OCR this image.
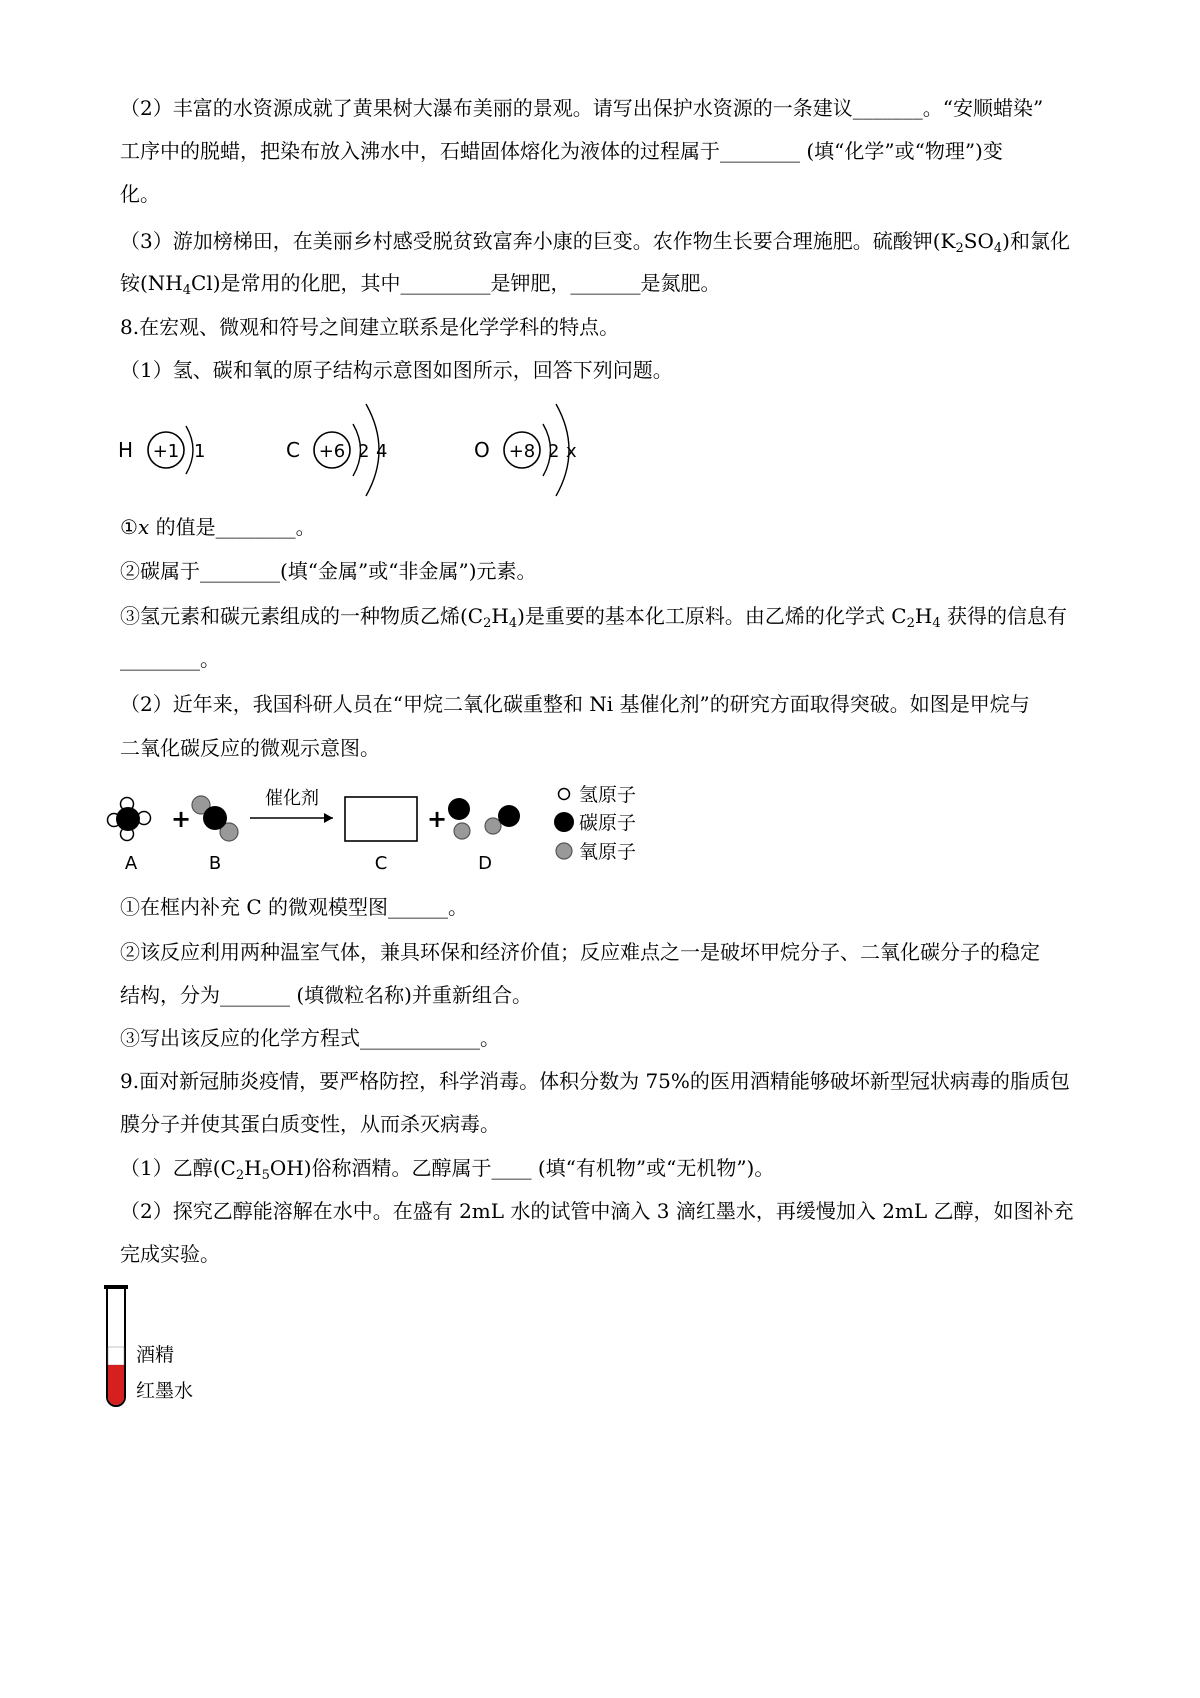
（2）丰富的水资源成就了黄果树大瀑布美丽的景观。请写出保护水资源的一条建议_______。“安顺蜡染”
工序中的脱蜡，把染布放入沸水中，石蜡固体熔化为液体的过程属于________ (填“化学”或“物理”)变
化。
（3）游加榜梯田，在美丽乡村感受脱贫致富奔小康的巨变。农作物生长要合理施肥。硫酸钾$(K_2SO_4)$和氯化
铵$(NH_4Cl)$是常用的化肥，其中_________是钾肥，_______是氮肥。
8.在宏观、微观和符号之间建立联系是化学学科的特点。
（1）氢、碳和氧的原子结构示意图如图所示，回答下列问题。
H +1 1	C +6 2 4	O +8 2 x
①x 的值是________。
②碳属于________(填“金属”或“非金属”)元素。
③氢元素和碳元素组成的一种物质乙烯$(C_2H_4)$是重要的基本化工原料。由乙烯的化学式 $C_2H_4$ 获得的信息有
________。
（2）近年来，我国科研人员在“甲烷二氧化碳重整和 Ni 基催化剂”的研究方面取得突破。如图是甲烷与
二氧化碳反应的微观示意图。
+
催化剂
+
A	B	C	D
氢原子
碳原子
氧原子
①在框内补充 C 的微观模型图______。
②该反应利用两种温室气体，兼具环保和经济价值；反应难点之一是破坏甲烷分子、二氧化碳分子的稳定
结构，分为_______ (填微粒名称)并重新组合。
③写出该反应的化学方程式____________。
9.面对新冠肺炎疫情，要严格防控，科学消毒。体积分数为 75%的医用酒精能够破坏新型冠状病毒的脂质包
膜分子并使其蛋白质变性，从而杀灭病毒。
（1）乙醇$(C_2H_5OH)$俗称酒精。乙醇属于____ (填“有机物”或“无机物”)。
（2）探究乙醇能溶解在水中。在盛有 2mL 水的试管中滴入 3 滴红墨水，再缓慢加入 2mL 乙醇，如图补充
完成实验。
酒精
红墨水
